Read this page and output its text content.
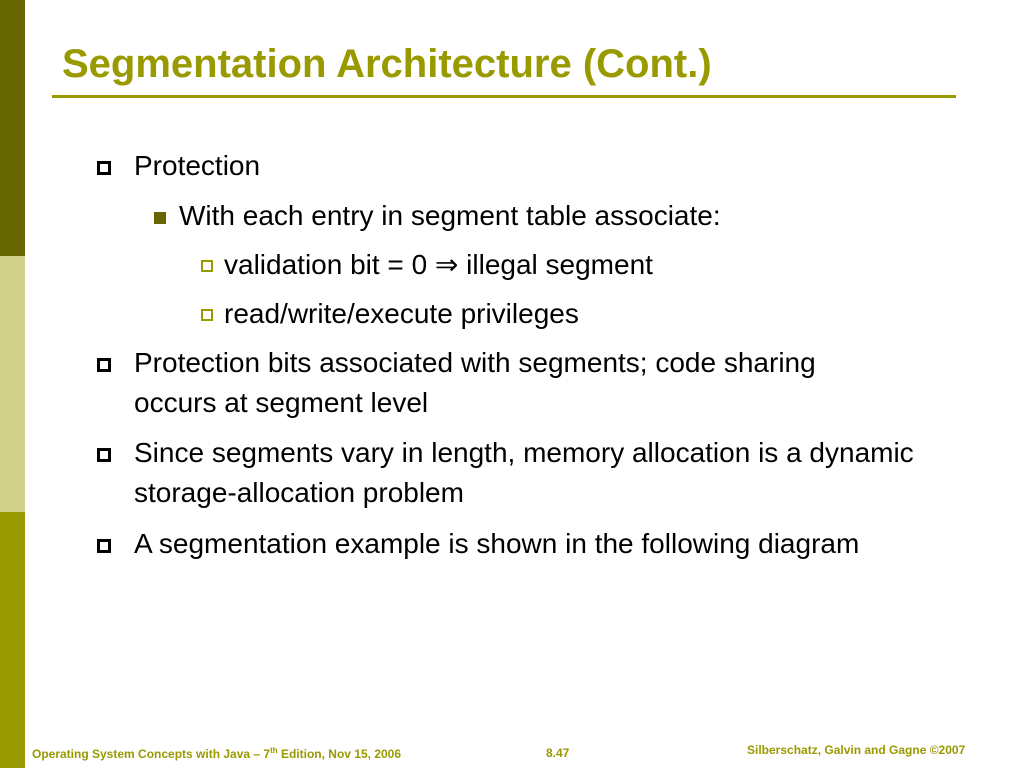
Segmentation Architecture (Cont.)
Protection
With each entry in segment table associate:
validation bit = 0 ⇒ illegal segment
read/write/execute privileges
Protection bits associated with segments; code sharing occurs at segment level
Since segments vary in length, memory allocation is a dynamic storage-allocation problem
A segmentation example is shown in the following diagram
Operating System Concepts with Java – 7th Edition, Nov 15, 2006	8.47	Silberschatz, Galvin and Gagne ©2007
